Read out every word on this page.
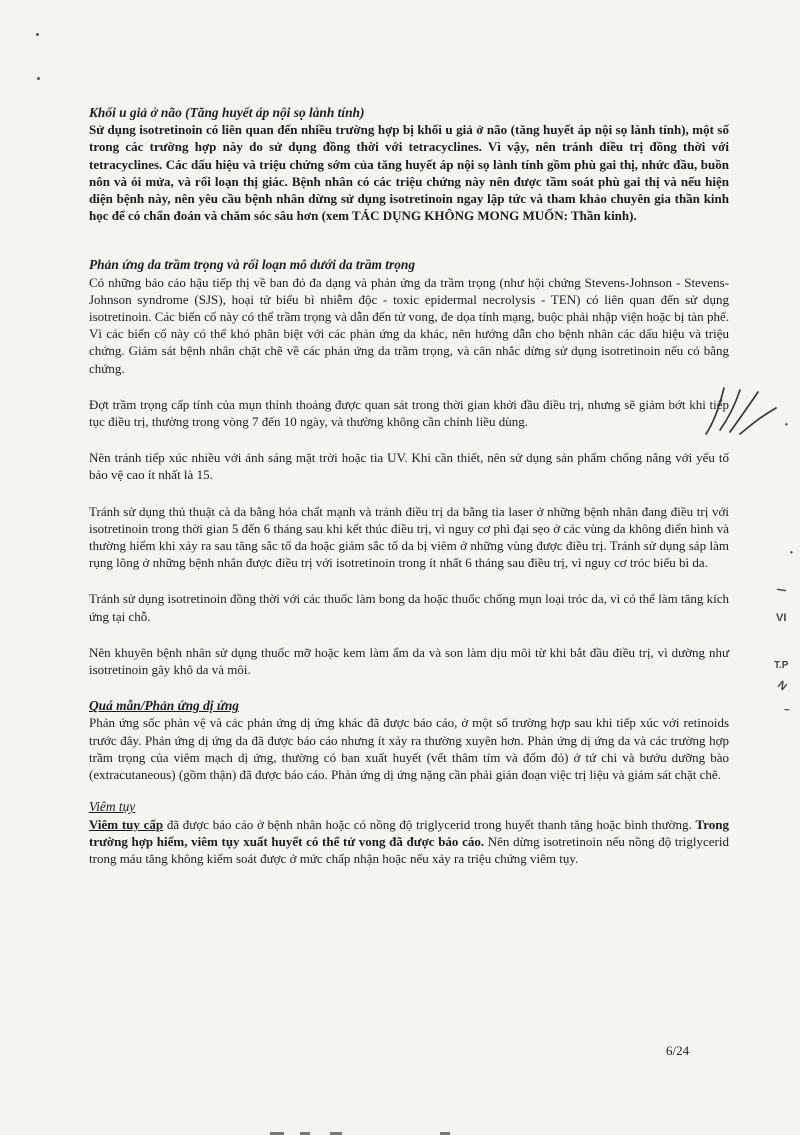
Khối u giả ở não (Tăng huyết áp nội sọ lành tính)

Sử dụng isotretinoin có liên quan đến nhiều trường hợp bị khối u giả ở não (tăng huyết áp nội sọ lành tính), một số trong các trường hợp này do sử dụng đồng thời với tetracyclines. Vì vậy, nên tránh điều trị đồng thời với tetracyclines. Các dấu hiệu và triệu chứng sớm của tăng huyết áp nội sọ lành tính gồm phù gai thị, nhức đầu, buồn nôn và ói mửa, và rối loạn thị giác. Bệnh nhân có các triệu chứng này nên được tầm soát phù gai thị và nếu hiện diện bệnh này, nên yêu cầu bệnh nhân dừng sử dụng isotretinoin ngay lập tức và tham khảo chuyên gia thần kinh học để có chẩn đoán và chăm sóc sâu hơn (xem TÁC DỤNG KHÔNG MONG MUỐN: Thần kinh).

Phản ứng da trầm trọng và rối loạn mô dưới da trầm trọng

Có những báo cáo hậu tiếp thị về ban đỏ đa dạng và phản ứng da trầm trọng (như hội chứng Stevens-Johnson - Stevens-Johnson syndrome (SJS), hoại tử biểu bì nhiễm độc - toxic epidermal necrolysis - TEN) có liên quan đến sử dụng isotretinoin. Các biến cố này có thể trầm trọng và dẫn đến tử vong, đe dọa tính mạng, buộc phải nhập viện hoặc bị tàn phế. Vì các biến cố này có thể khó phân biệt với các phản ứng da khác, nên hướng dẫn cho bệnh nhân các dấu hiệu và triệu chứng. Giám sát bệnh nhân chặt chẽ về các phản ứng da trầm trọng, và cân nhắc dừng sử dụng isotretinoin nếu có bằng chứng.

Đợt trầm trọng cấp tính của mụn thỉnh thoảng được quan sát trong thời gian khởi đầu điều trị, nhưng sẽ giảm bớt khi tiếp tục điều trị, thường trong vòng 7 đến 10 ngày, và thường không cần chỉnh liều dùng.

Nên tránh tiếp xúc nhiều với ánh sáng mặt trời hoặc tia UV. Khi cần thiết, nên sử dụng sản phẩm chống nắng với yếu tố bảo vệ cao ít nhất là 15.

Tránh sử dụng thủ thuật cà da bằng hóa chất mạnh và tránh điều trị da bằng tia laser ở những bệnh nhân đang điều trị với isotretinoin trong thời gian 5 đến 6 tháng sau khi kết thúc điều trị, vì nguy cơ phì đại sẹo ở các vùng da không điển hình và thường hiếm khi xảy ra sau tăng sắc tố da hoặc giảm sắc tố da bị viêm ở những vùng được điều trị. Tránh sử dụng sáp làm rụng lông ở những bệnh nhân được điều trị với isotretinoin trong ít nhất 6 tháng sau điều trị, vì nguy cơ tróc biểu bì da.

Tránh sử dụng isotretinoin đồng thời với các thuốc làm bong da hoặc thuốc chống mụn loại tróc da, vì có thể làm tăng kích ứng tại chỗ.

Nên khuyên bệnh nhân sử dụng thuốc mỡ hoặc kem làm ẩm da và son làm dịu môi từ khi bắt đầu điều trị, vì dường như isotretinoin gây khô da và môi.

Quá mẫn/Phản ứng dị ứng

Phản ứng sốc phản vệ và các phản ứng dị ứng khác đã được báo cáo, ở một số trường hợp sau khi tiếp xúc với retinoids trước đây. Phản ứng dị ứng da đã được báo cáo nhưng ít xảy ra thường xuyên hơn. Phản ứng dị ứng da và các trường hợp trầm trọng của viêm mạch dị ứng, thường có ban xuất huyết (vết thâm tím và đốm đỏ) ở tứ chi và bướu dưỡng bào (extracutaneous) (gồm thận) đã được báo cáo. Phản ứng dị ứng nặng cần phải gián đoạn việc trị liệu và giám sát chặt chẽ.

Viêm tụy

Viêm tuy cấp đã được báo cáo ở bệnh nhân hoặc có nồng độ triglycerid trong huyết thanh tăng hoặc bình thường. Trong trường hợp hiếm, viêm tụy xuất huyết có thể tử vong đã được báo cáo. Nên dừng isotretinoin nếu nồng độ triglycerid trong máu tăng không kiểm soát được ở mức chấp nhận hoặc nếu xảy ra triệu chứng viêm tụy.

•
•
\
VI
T.P
N
~
6/24
